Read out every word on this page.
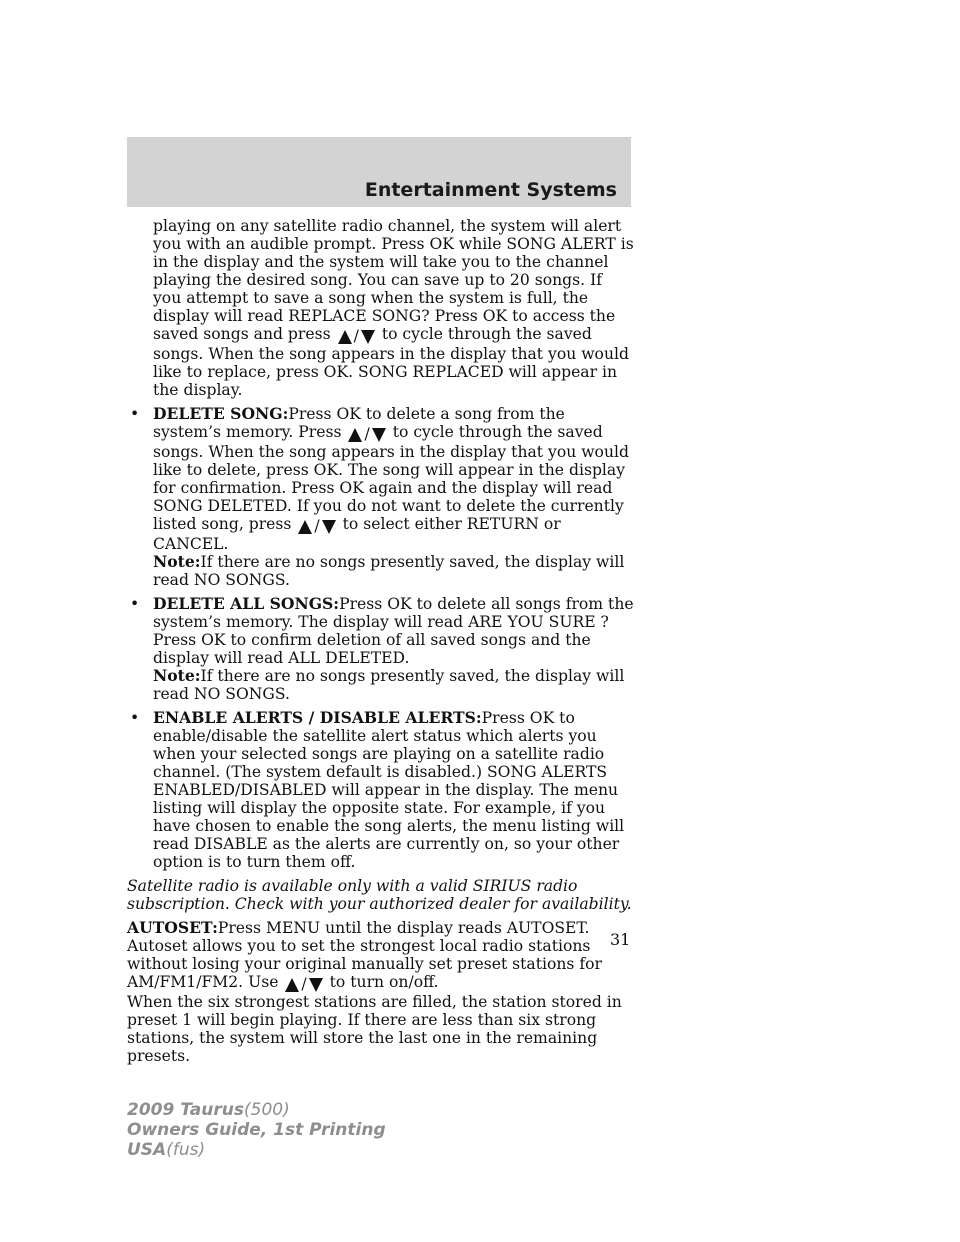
Entertainment Systems

playing on any satellite radio channel, the system will alert you with an audible prompt. Press OK while SONG ALERT is in the display and the system will take you to the channel playing the desired song. You can save up to 20 songs. If you attempt to save a song when the system is full, the display will read REPLACE SONG? Press OK to access the saved songs and press / to cycle through the saved songs. When the song appears in the display that you would like to replace, press OK. SONG REPLACED will appear in the display.

• DELETE SONG:Press OK to delete a song from the system’s memory. Press / to cycle through the saved songs. When the song appears in the display that you would like to delete, press OK. The song will appear in the display for confirmation. Press OK again and the display will read SONG DELETED. If you do not want to delete the currently listed song, press / to select either RETURN or CANCEL.
Note:If there are no songs presently saved, the display will read NO SONGS.

• DELETE ALL SONGS:Press OK to delete all songs from the system’s memory. The display will read ARE YOU SURE ? Press OK to confirm deletion of all saved songs and the display will read ALL DELETED.
Note:If there are no songs presently saved, the display will read NO SONGS.

• ENABLE ALERTS / DISABLE ALERTS:Press OK to enable/disable the satellite alert status which alerts you when your selected songs are playing on a satellite radio channel. (The system default is disabled.) SONG ALERTS ENABLED/DISABLED will appear in the display. The menu listing will display the opposite state. For example, if you have chosen to enable the song alerts, the menu listing will read DISABLE as the alerts are currently on, so your other option is to turn them off.

Satellite radio is available only with a valid SIRIUS radio subscription. Check with your authorized dealer for availability.

AUTOSET:Press MENU until the display reads AUTOSET. Autoset allows you to set the strongest local radio stations without losing your original manually set preset stations for AM/FM1/FM2. Use / to turn on/off.

When the six strongest stations are filled, the station stored in preset 1 will begin playing. If there are less than six strong stations, the system will store the last one in the remaining presets.

31
2009 Taurus(500)
Owners Guide, 1st Printing
USA(fus)
